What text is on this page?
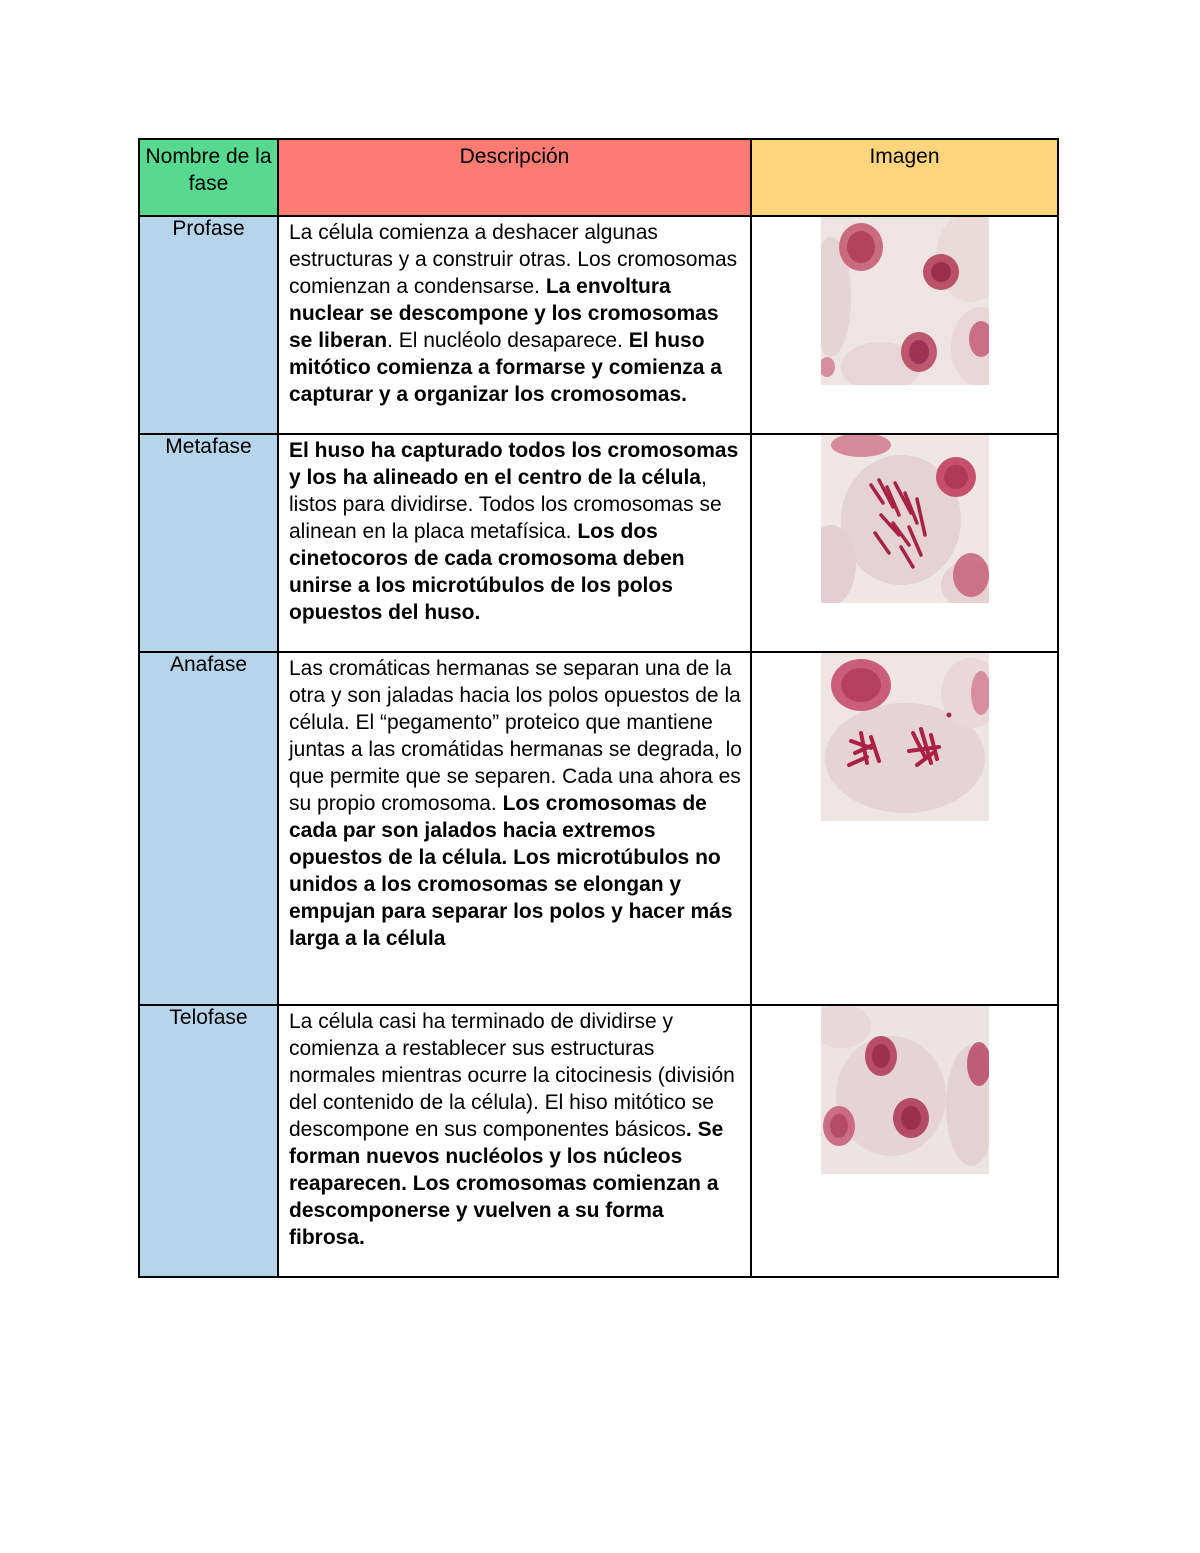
Nombre de la fase	Descripción	Imagen
Profase	La célula comienza a deshacer algunas estructuras y a construir otras. Los cromosomas comienzan a condensarse. La envoltura nuclear se descompone y los cromosomas se liberan. El nucléolo desaparece. El huso mitótico comienza a formarse y comienza a capturar y a organizar los cromosomas.	

Metafase	El huso ha capturado todos los cromosomas y los ha alineado en el centro de la célula, listos para dividirse. Todos los cromosomas se alinean en la placa metafísica. Los dos cinetocoros de cada cromosoma deben unirse a los microtúbulos de los polos opuestos del huso.	

Anafase	Las cromáticas hermanas se separan una de la otra y son jaladas hacia los polos opuestos de la célula. El “pegamento” proteico que mantiene juntas a las cromátidas hermanas se degrada, lo que permite que se separen. Cada una ahora es su propio cromosoma. Los cromosomas de cada par son jalados hacia extremos opuestos de la célula. Los microtúbulos no unidos a los cromosomas se elongan y empujan para separar los polos y hacer más larga a la célula	

Telofase	La célula casi ha terminado de dividirse y comienza a restablecer sus estructuras normales mientras ocurre la citocinesis (división del contenido de la célula). El hiso mitótico se descompone en sus componentes básicos. Se forman nuevos nucléolos y los núcleos reaparecen. Los cromosomas comienzan a descomponerse y vuelven a su forma fibrosa.	
